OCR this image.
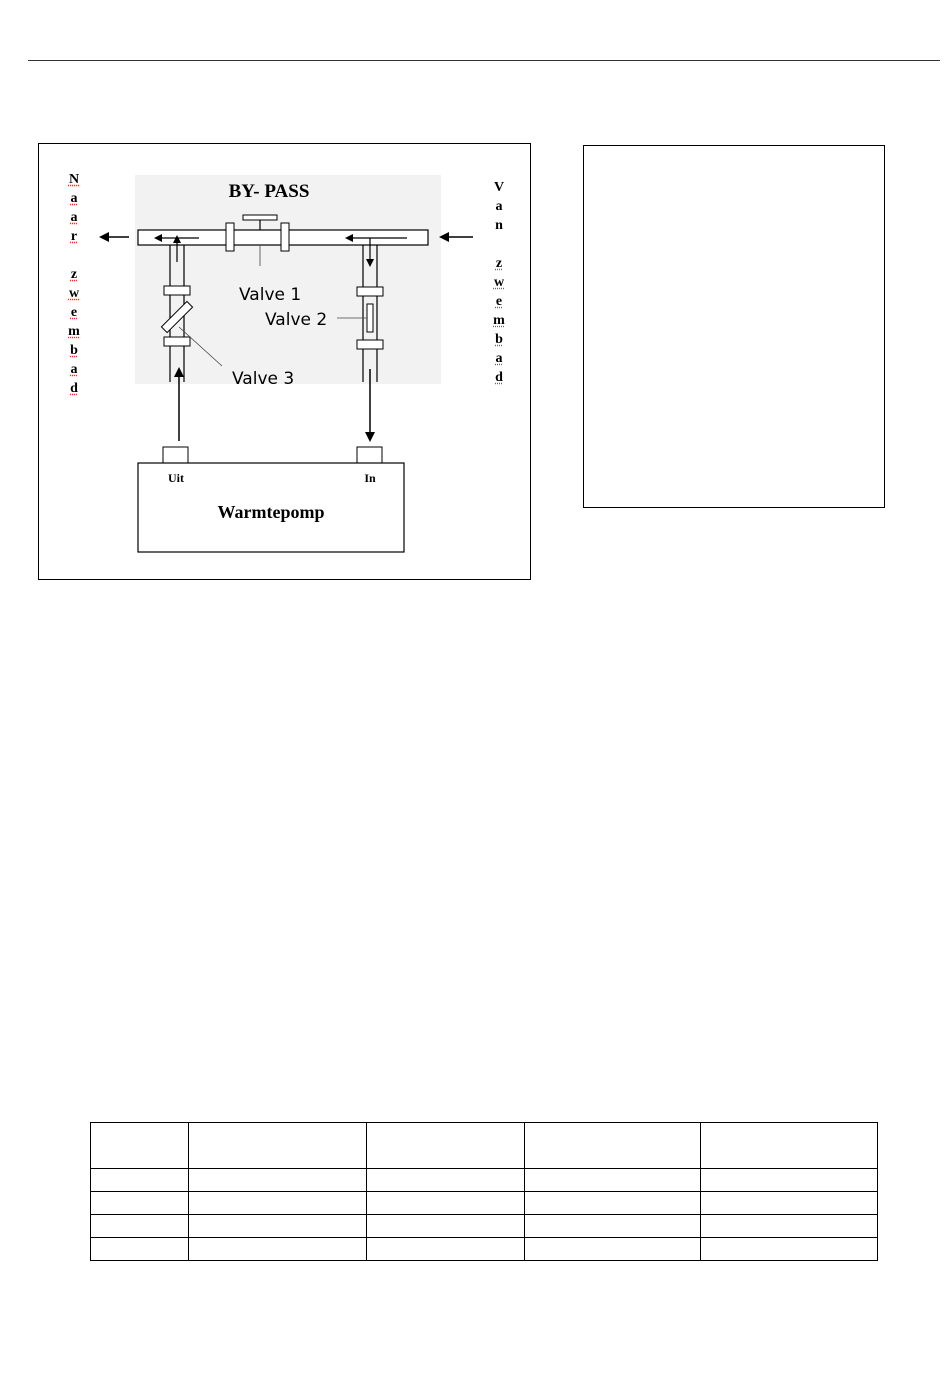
BY- PASS
Valve 1
Valve 2
Valve 3
Uit	In
Warmtepomp
N
a
a
r
z
w
e
m
b
a
d
V
a
n
z
w
e
m
b
a
d
